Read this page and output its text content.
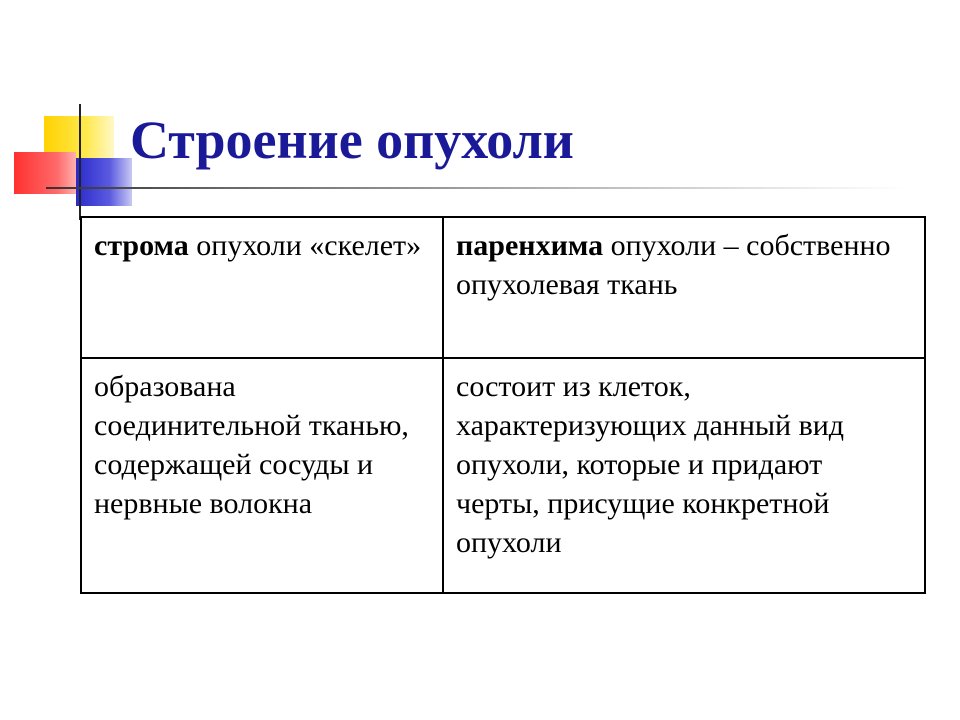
Строение опухоли
строма опухоли «скелет»	паренхима опухоли – собственно опухолевая ткань
образована соединительной тканью, содержащей сосуды и нервные волокна	состоит из клеток, характеризующих данный вид опухоли, которые и придают черты, присущие конкретной опухоли
